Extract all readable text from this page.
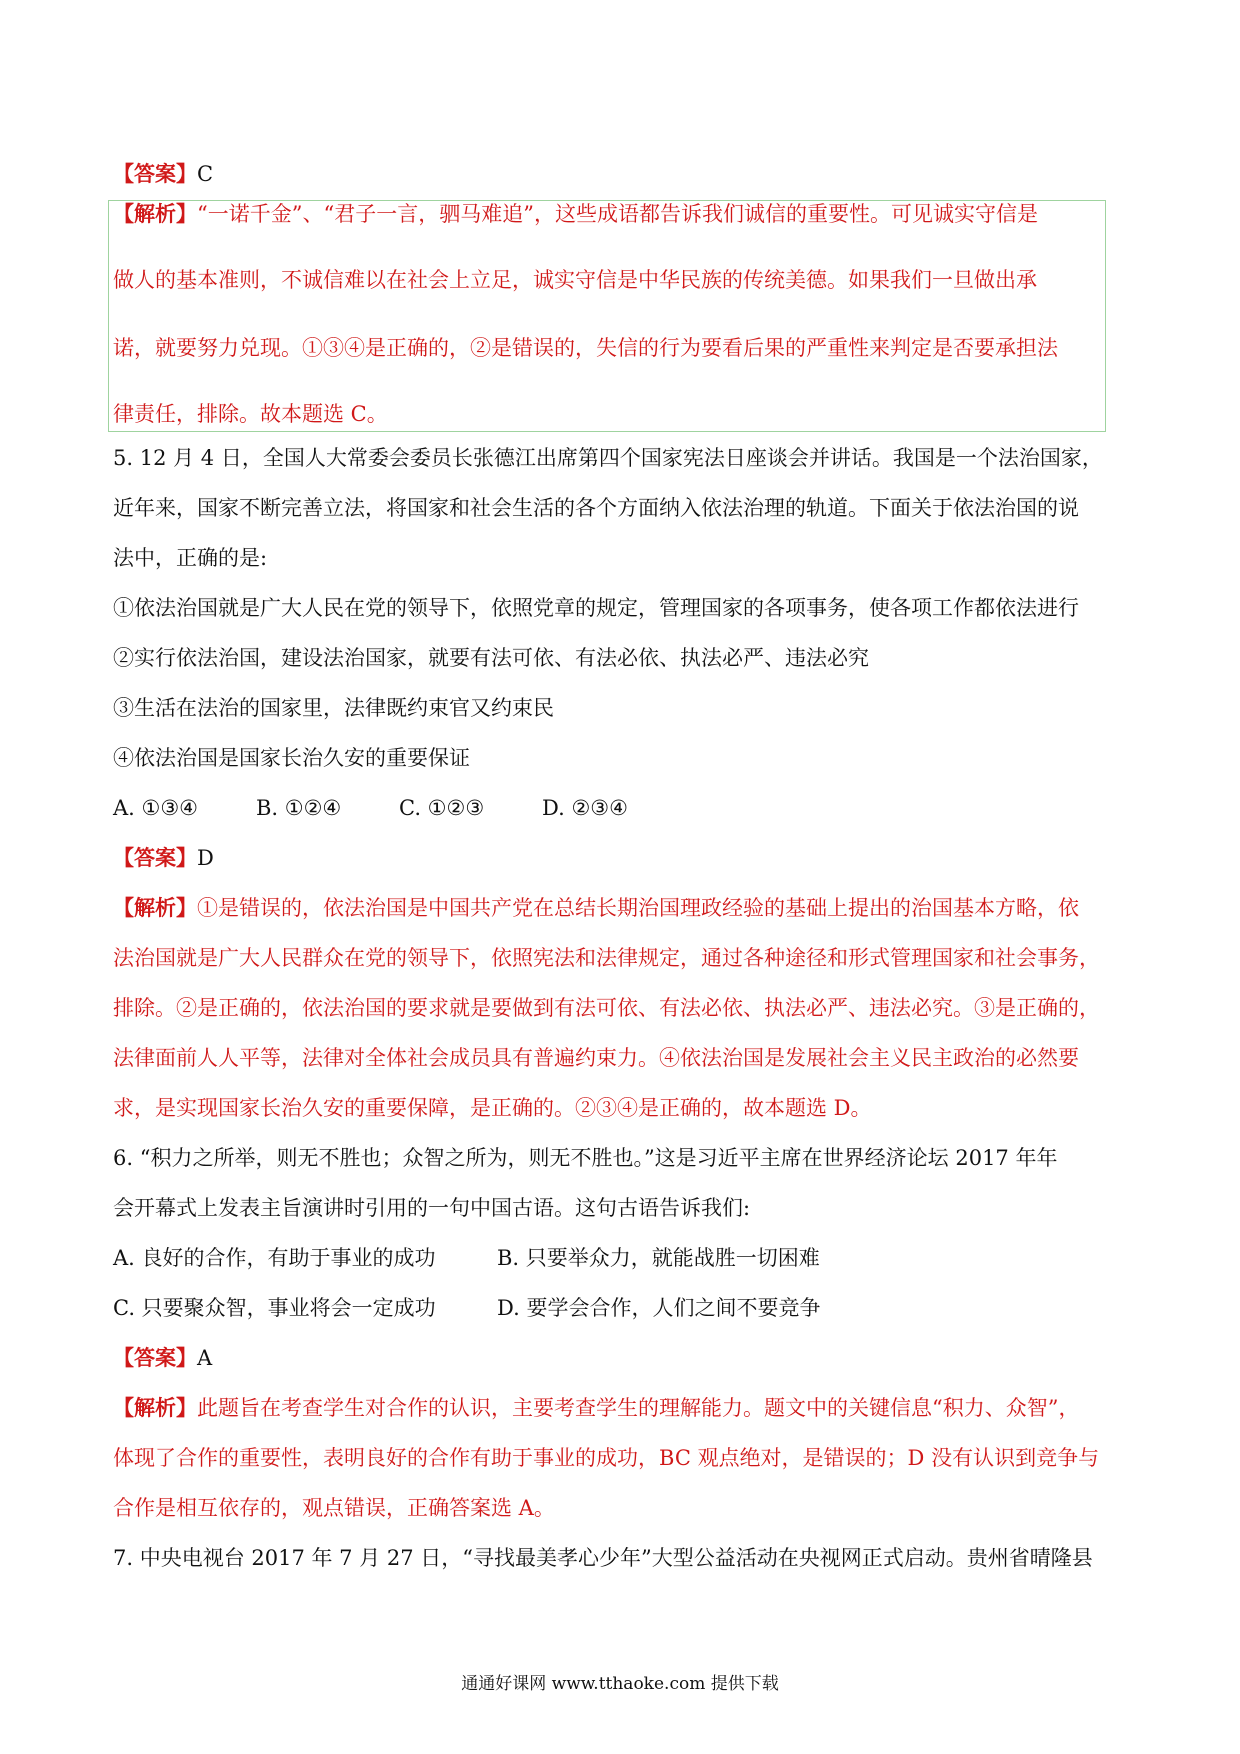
【答案】C
【解析】“一诺千金”、“君子一言，驷马难追”，这些成语都告诉我们诚信的重要性。可见诚实守信是
做人的基本准则，不诚信难以在社会上立足，诚实守信是中华民族的传统美德。如果我们一旦做出承
诺，就要努力兑现。①③④是正确的，②是错误的，失信的行为要看后果的严重性来判定是否要承担法
律责任，排除。故本题选 C。
5. 12 月 4 日，全国人大常委会委员长张德江出席第四个国家宪法日座谈会并讲话。我国是一个法治国家，
近年来，国家不断完善立法，将国家和社会生活的各个方面纳入依法治理的轨道。下面关于依法治国的说
法中，正确的是:
①依法治国就是广大人民在党的领导下，依照党章的规定，管理国家的各项事务，使各项工作都依法进行
②实行依法治国，建设法治国家，就要有法可依、有法必依、执法必严、违法必究
③生活在法治的国家里，法律既约束官又约束民
④依法治国是国家长治久安的重要保证
A. ①③④	B. ①②④	C. ①②③	D. ②③④
【答案】D
【解析】①是错误的，依法治国是中国共产党在总结长期治国理政经验的基础上提出的治国基本方略，依
法治国就是广大人民群众在党的领导下，依照宪法和法律规定，通过各种途径和形式管理国家和社会事务，
排除。②是正确的，依法治国的要求就是要做到有法可依、有法必依、执法必严、违法必究。③是正确的，
法律面前人人平等，法律对全体社会成员具有普遍约束力。④依法治国是发展社会主义民主政治的必然要
求，是实现国家长治久安的重要保障，是正确的。②③④是正确的，故本题选 D。
6. “积力之所举，则无不胜也；众智之所为，则无不胜也。”这是习近平主席在世界经济论坛 2017 年年
会开幕式上发表主旨演讲时引用的一句中国古语。这句古语告诉我们:
A. 良好的合作，有助于事业的成功	B. 只要举众力，就能战胜一切困难
C. 只要聚众智，事业将会一定成功	D. 要学会合作，人们之间不要竞争
【答案】A
【解析】此题旨在考查学生对合作的认识，主要考查学生的理解能力。题文中的关键信息“积力、众智”，
体现了合作的重要性，表明良好的合作有助于事业的成功，BC 观点绝对，是错误的；D 没有认识到竞争与
合作是相互依存的，观点错误，正确答案选 A。
7. 中央电视台 2017 年 7 月 27 日，“寻找最美孝心少年”大型公益活动在央视网正式启动。贵州省晴隆县
通通好课网 www.tthaoke.com 提供下载
